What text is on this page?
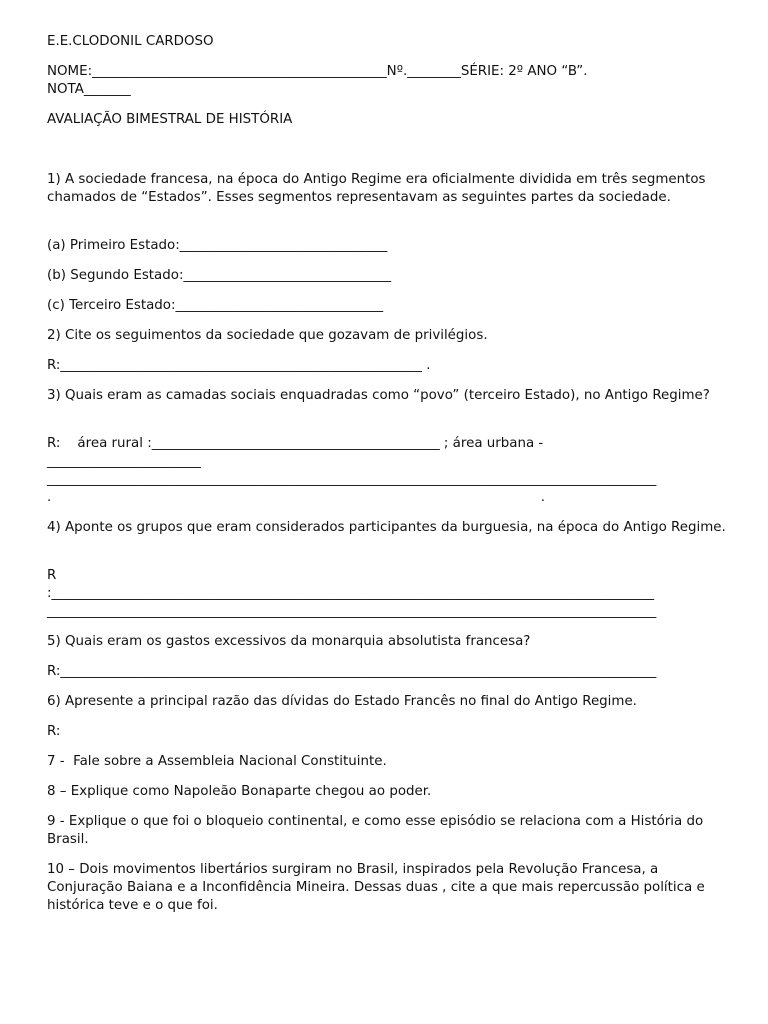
E.E.CLODONIL CARDOSO
NOME:____________________________________________Nº.________SÉRIE: 2º ANO “B”.
NOTA_______
AVALIAÇÃO BIMESTRAL DE HISTÓRIA
1) A sociedade francesa, na época do Antigo Regime era oficialmente dividida em três segmentos chamados de “Estados”. Esses segmentos representavam as seguintes partes da sociedade.
(a) Primeiro Estado:_______________________________
(b) Segundo Estado:_______________________________
(c) Terceiro Estado:_______________________________
2) Cite os seguimentos da sociedade que gozavam de privilégios.
R:______________________________________________________ .
3) Quais eram as camadas sociais enquadradas como “povo” (terceiro Estado), no Antigo Regime?
R:    área rural :___________________________________________ ; área urbana -
_______________________
___________________________________________________________________________________________
.                                                                                                                   .
4) Aponte os grupos que eram considerados participantes da burguesia, na época do Antigo Regime.
R
:__________________________________________________________________________________________
___________________________________________________________________________________________
5) Quais eram os gastos excessivos da monarquia absolutista francesa?
R:_________________________________________________________________________________________
6) Apresente a principal razão das dívidas do Estado Francês no final do Antigo Regime.
R:
7 -  Fale sobre a Assembleia Nacional Constituinte.
8 – Explique como Napoleão Bonaparte chegou ao poder.
9 - Explique o que foi o bloqueio continental, e como esse episódio se relaciona com a História do Brasil.
10 – Dois movimentos libertários surgiram no Brasil, inspirados pela Revolução Francesa, a Conjuração Baiana e a Inconfidência Mineira. Dessas duas , cite a que mais repercussão política e histórica teve e o que foi.
